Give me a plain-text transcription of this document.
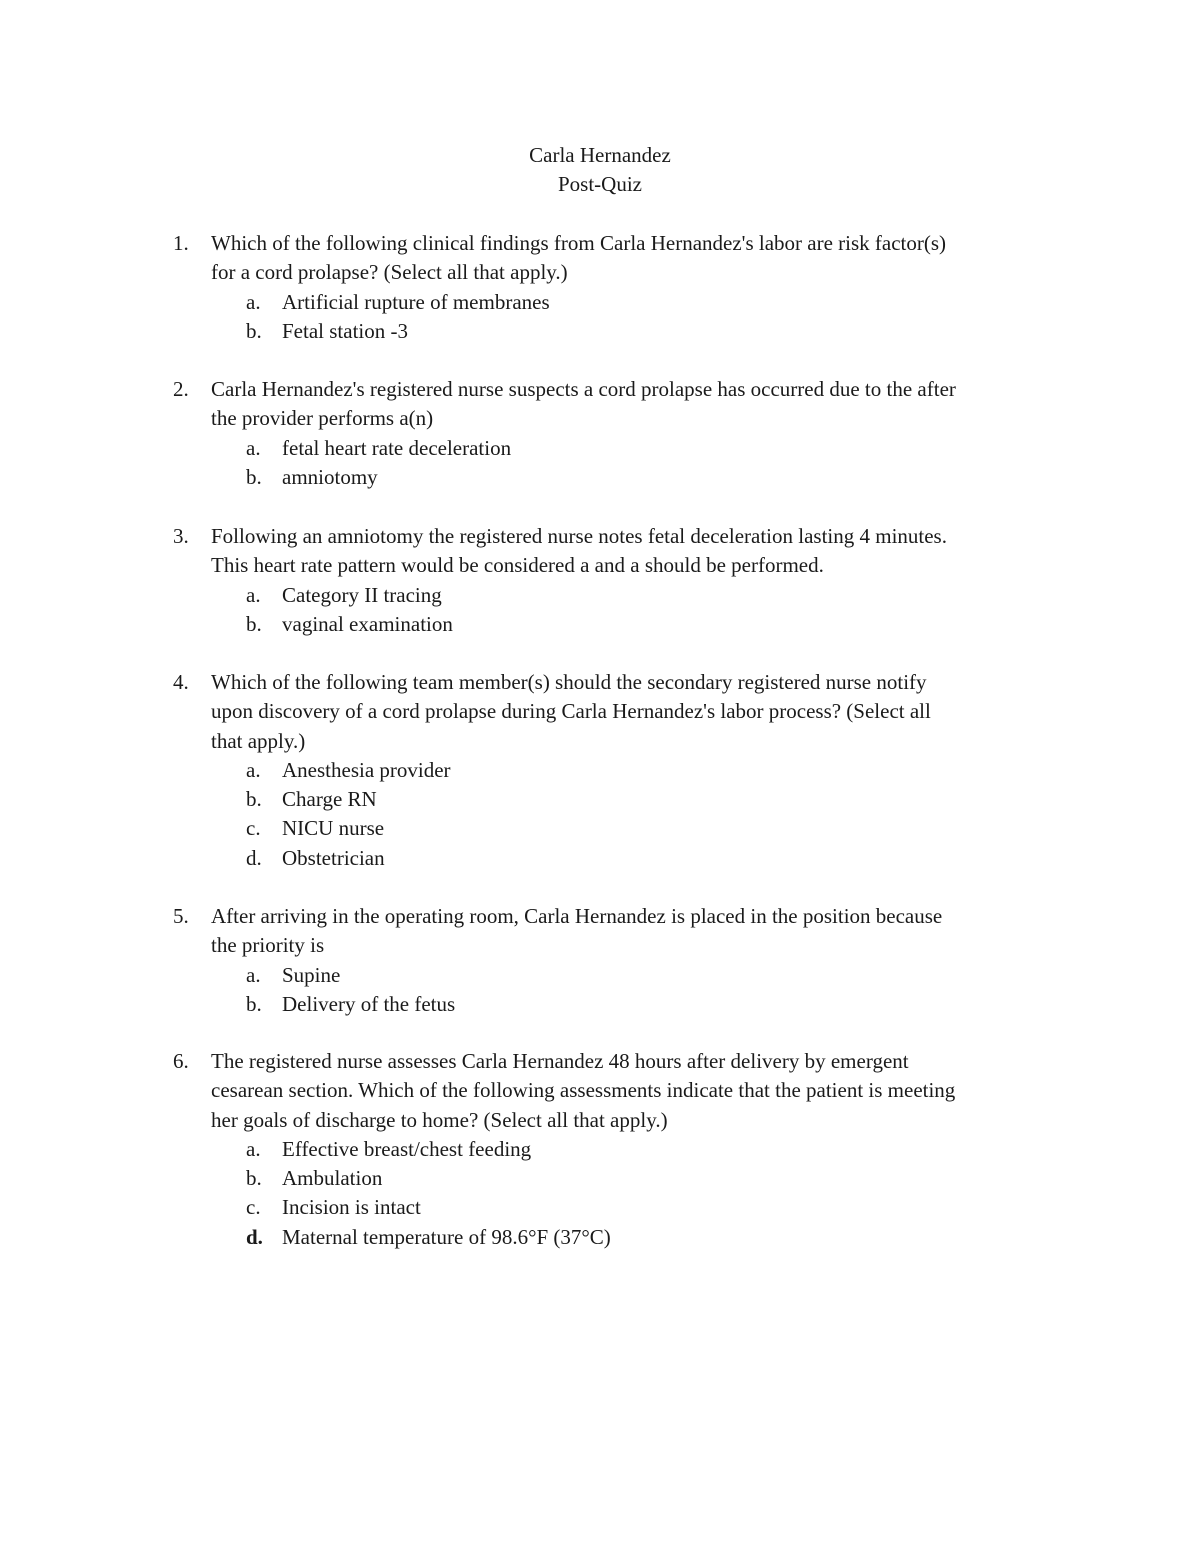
Carla Hernandez
Post-Quiz
1.	Which of the following clinical findings from Carla Hernandez's labor are risk factor(s)
for a cord prolapse? (Select all that apply.)
a.	Artificial rupture of membranes
b. Fetal station -3
2.	Carla Hernandez's registered nurse suspects a cord prolapse has occurred due to the after
the provider performs a(n)
a.	fetal heart rate deceleration
b. amniotomy
3.	Following an amniotomy the registered nurse notes fetal deceleration lasting 4 minutes.
This heart rate pattern would be considered a and a should be performed.
a.	Category II tracing
b. vaginal examination
4.	Which of the following team member(s) should the secondary registered nurse notify
upon discovery of a cord prolapse during Carla Hernandez's labor process? (Select all
that apply.)
a.	Anesthesia provider
b. Charge RN
c.	NICU nurse
d. Obstetrician
5.	After arriving in the operating room, Carla Hernandez is placed in the position because
the priority is
a.	Supine
b. Delivery of the fetus
6.	The registered nurse assesses Carla Hernandez 48 hours after delivery by emergent
cesarean section. Which of the following assessments indicate that the patient is meeting
her goals of discharge to home? (Select all that apply.)
a.	Effective breast/chest feeding
b. Ambulation
c.	Incision is intact
d. Maternal temperature of 98.6°F (37°C)
